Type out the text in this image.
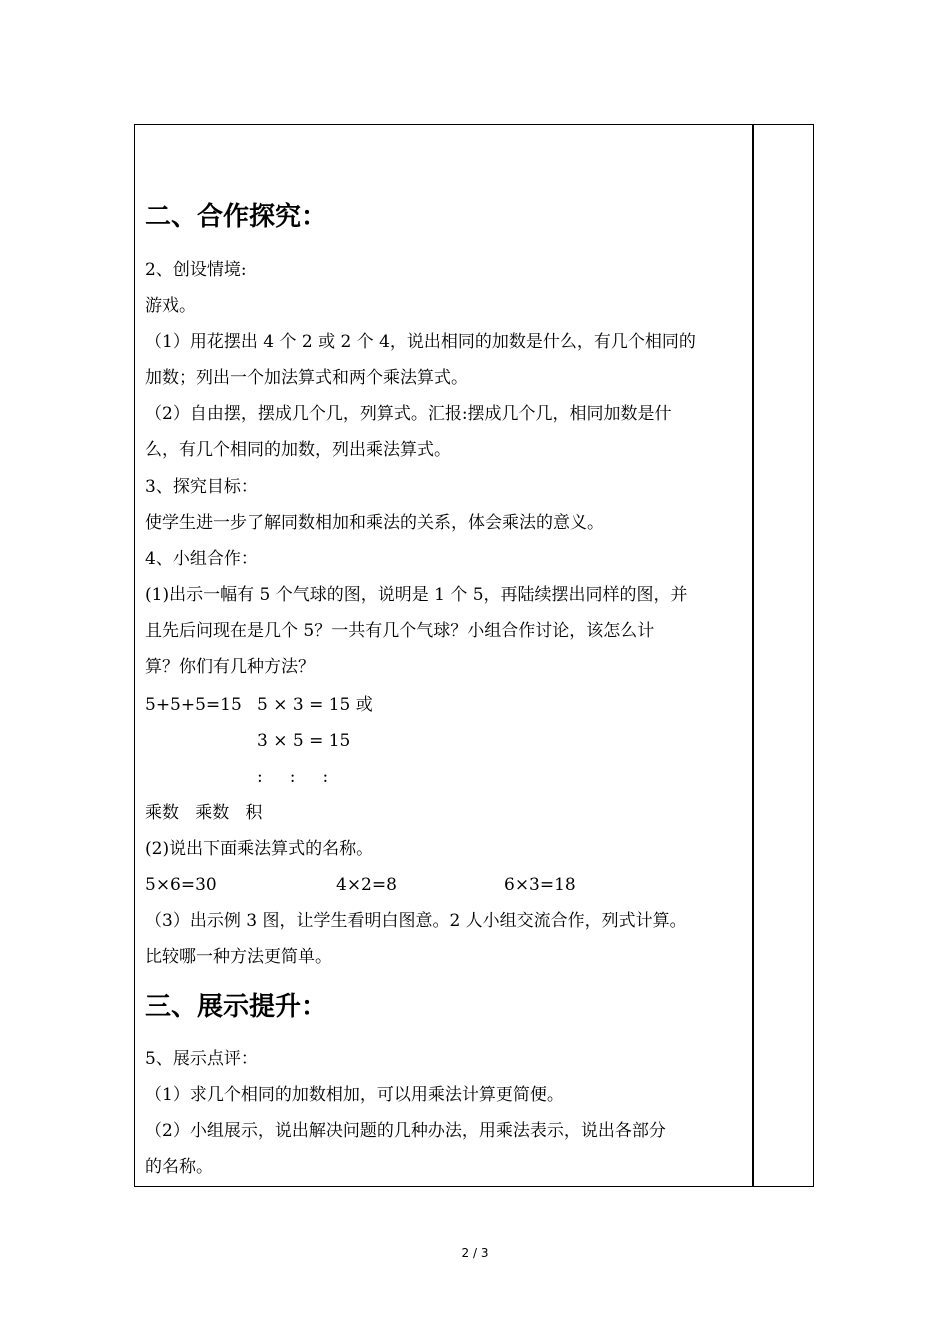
二、合作探究：
2、创设情境:
游戏。
（1）用花摆出 4 个 2 或 2 个 4，说出相同的加数是什么，有几个相同的
加数；列出一个加法算式和两个乘法算式。
（2）自由摆，摆成几个几，列算式。汇报:摆成几个几，相同加数是什
么，有几个相同的加数，列出乘法算式。
3、探究目标：
使学生进一步了解同数相加和乘法的关系，体会乘法的意义。
4、小组合作：
(1)出示一幅有 5 个气球的图，说明是 1 个 5，再陆续摆出同样的图，并
且先后问现在是几个 5？一共有几个气球？小组合作讨论，该怎么计
算？你们有几种方法？
5+5+5=15 5 × 3 = 15 或
3 × 5 = 15
:     :     :
乘数   乘数   积
(2)说出下面乘法算式的名称。
5×6=30	4×2=8	6×3=18
（3）出示例 3 图，让学生看明白图意。2 人小组交流合作，列式计算。
比较哪一种方法更简单。
三、展示提升：
5、展示点评：
（1）求几个相同的加数相加，可以用乘法计算更简便。
（2）小组展示，说出解决问题的几种办法，用乘法表示，说出各部分
的名称。
2 / 3
